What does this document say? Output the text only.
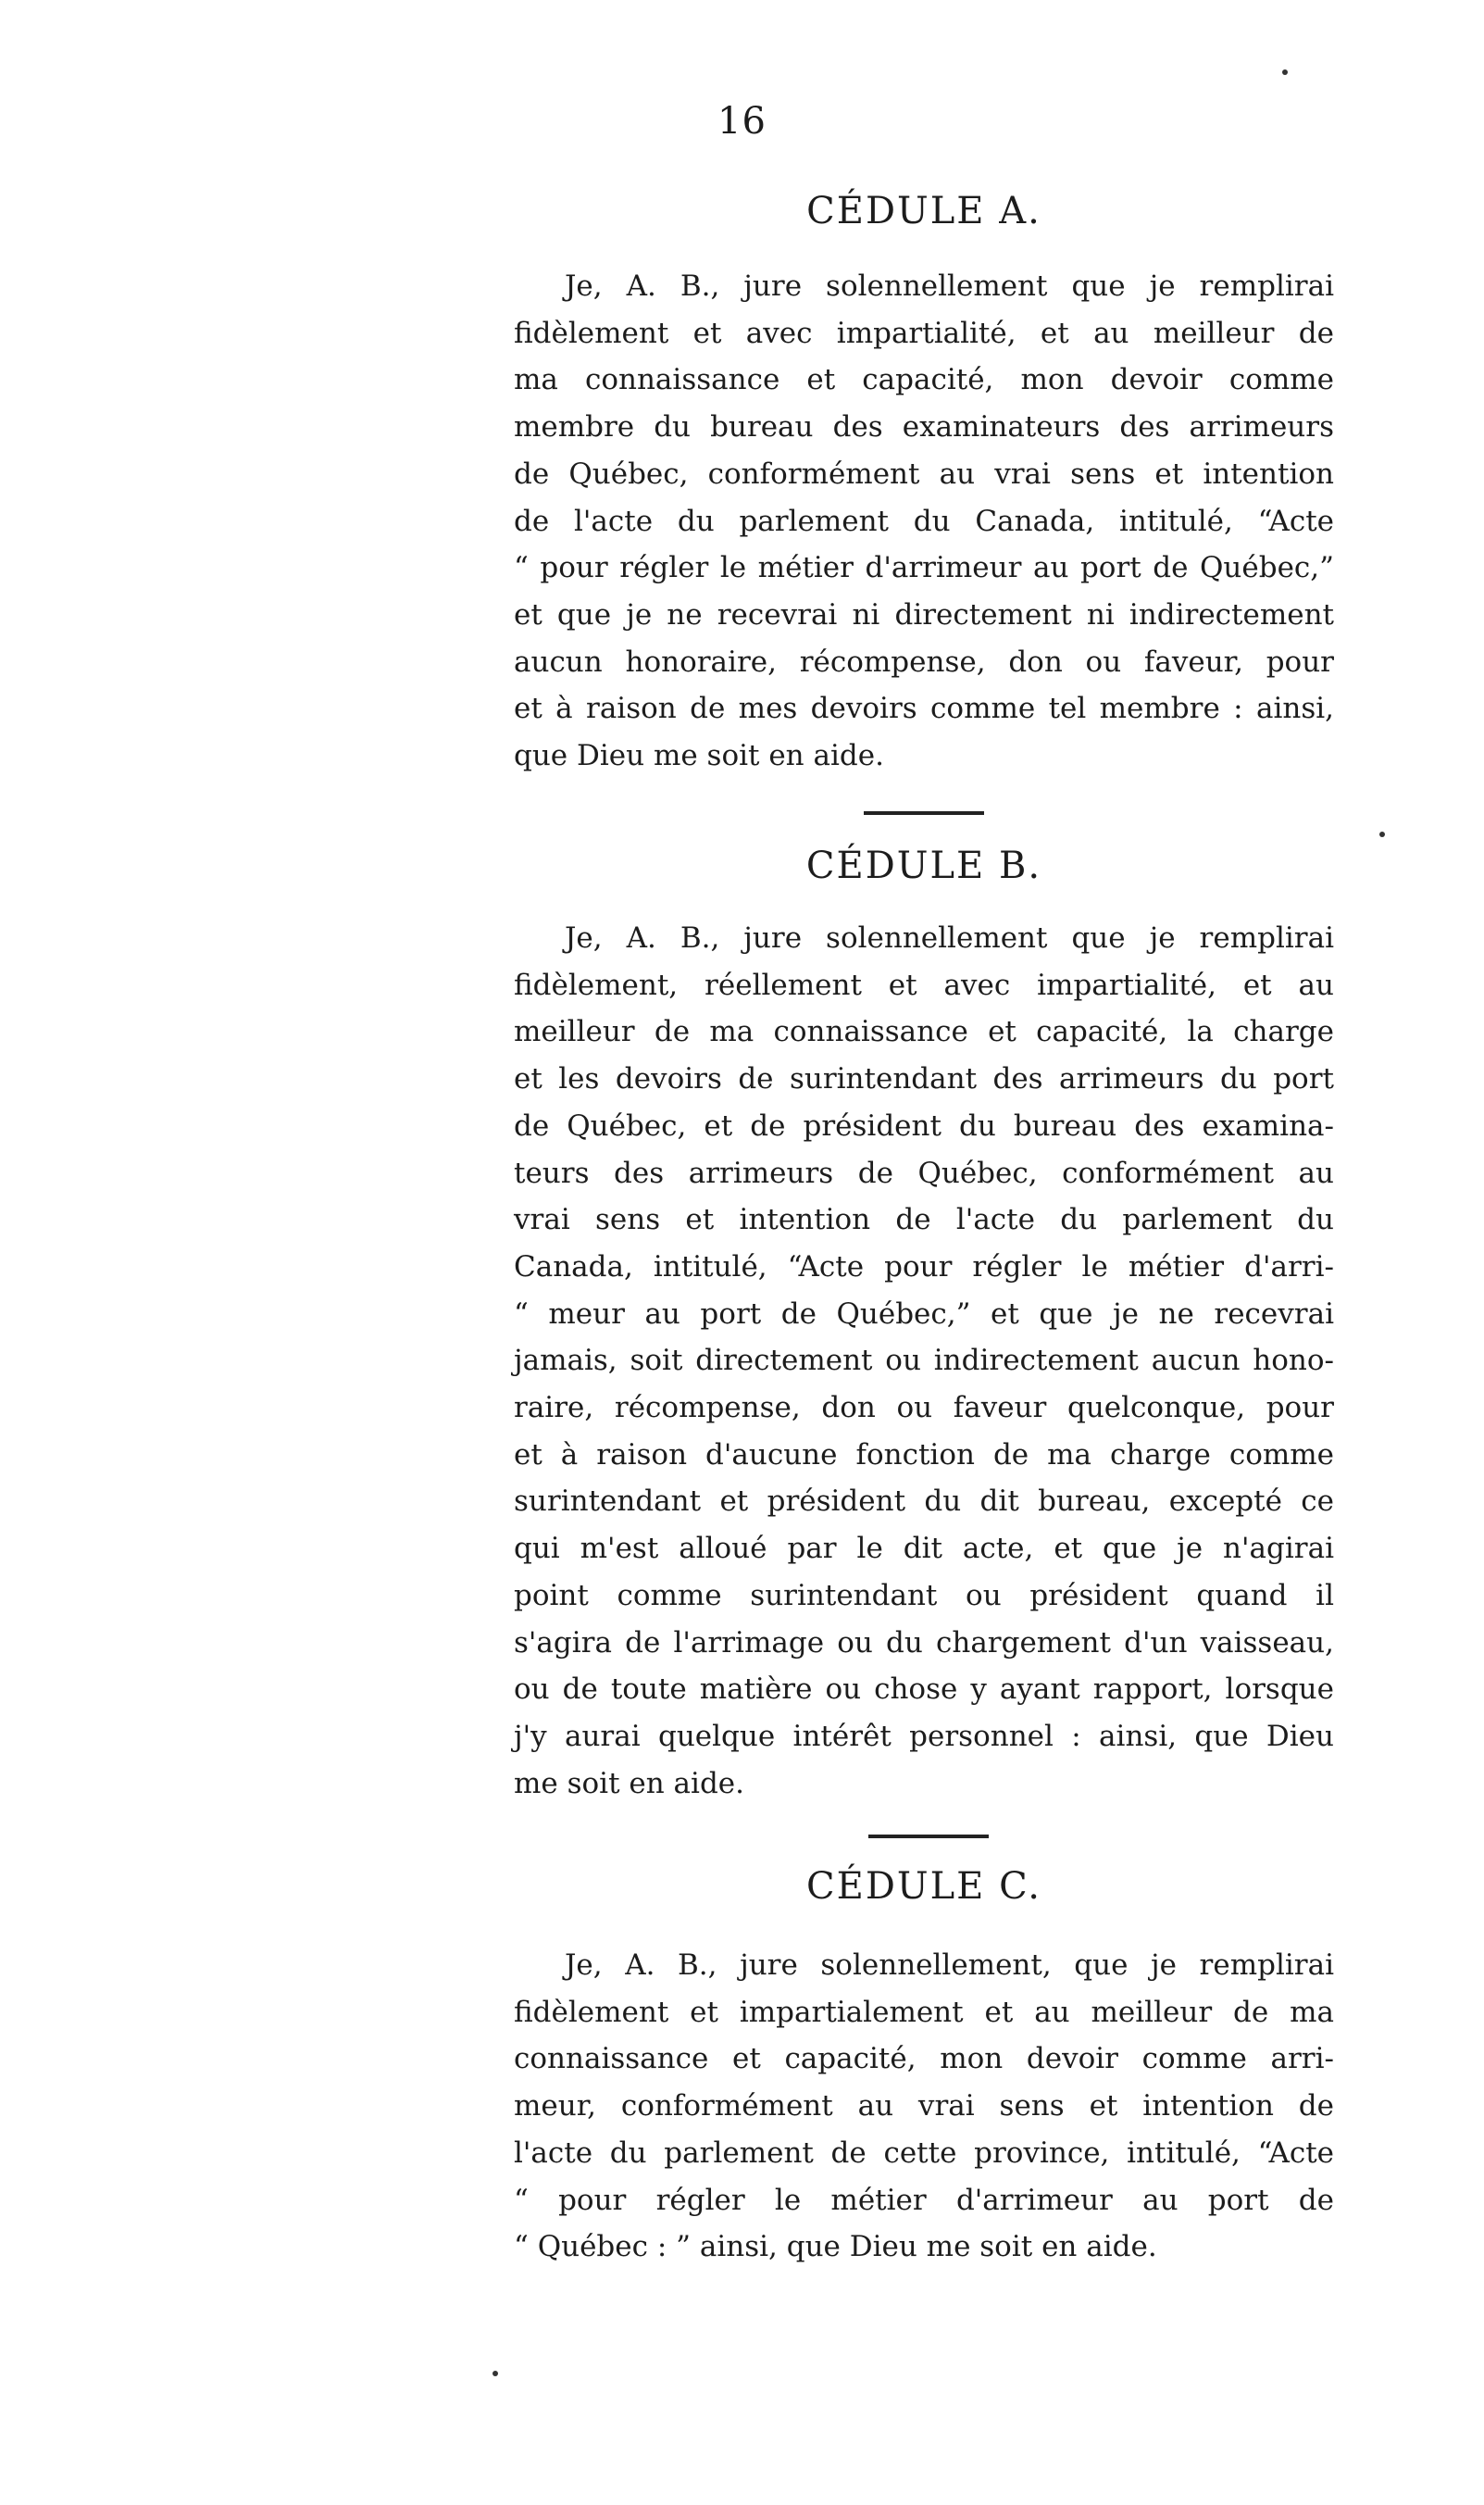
16
CÉDULE A.

Je, A. B., jure solennellement que je remplirai
fidèlement et avec impartialité, et au meilleur de
ma connaissance et capacité, mon devoir comme
membre du bureau des examinateurs des arrimeurs
de Québec, conformément au vrai sens et intention
de l'acte du parlement du Canada, intitulé, “Acte
“ pour régler le métier d'arrimeur au port de Québec,”
et que je ne recevrai ni directement ni indirectement
aucun honoraire, récompense, don ou faveur, pour
et à raison de mes devoirs comme tel membre : ainsi,
que Dieu me soit en aide.

CÉDULE B.

Je, A. B., jure solennellement que je remplirai
fidèlement, réellement et avec impartialité, et au
meilleur de ma connaissance et capacité, la charge
et les devoirs de surintendant des arrimeurs du port
de Québec, et de président du bureau des examina-
teurs des arrimeurs de Québec, conformément au
vrai sens et intention de l'acte du parlement du
Canada, intitulé, “Acte pour régler le métier d'arri-
“ meur au port de Québec,” et que je ne recevrai
jamais, soit directement ou indirectement aucun hono-
raire, récompense, don ou faveur quelconque, pour
et à raison d'aucune fonction de ma charge comme
surintendant et président du dit bureau, excepté ce
qui m'est alloué par le dit acte, et que je n'agirai
point comme surintendant ou président quand il
s'agira de l'arrimage ou du chargement d'un vaisseau,
ou de toute matière ou chose y ayant rapport, lorsque
j'y aurai quelque intérêt personnel : ainsi, que Dieu
me soit en aide.

CÉDULE C.

Je, A. B., jure solennellement, que je remplirai
fidèlement et impartialement et au meilleur de ma
connaissance et capacité, mon devoir comme arri-
meur, conformément au vrai sens et intention de
l'acte du parlement de cette province, intitulé, “Acte
“ pour régler le métier d'arrimeur au port de
“ Québec : ” ainsi, que Dieu me soit en aide.
